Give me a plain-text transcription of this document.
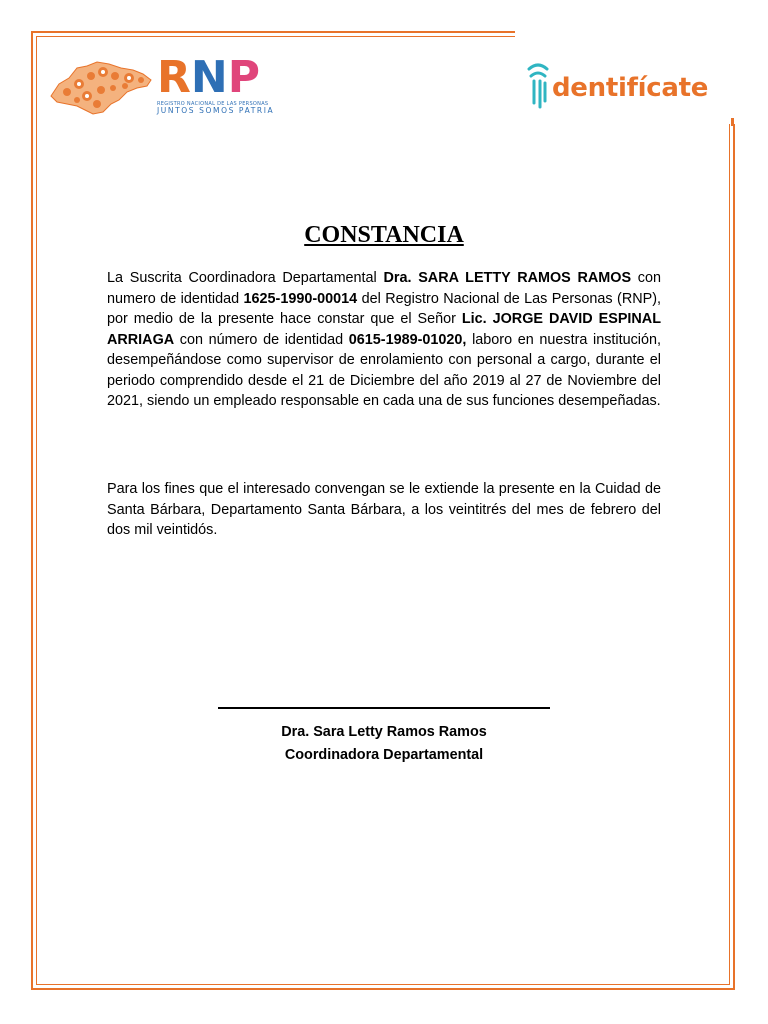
R N P
REGISTRO NACIONAL DE LAS PERSONAS
JUNTOS SOMOS PATRIA
dentifícate
CONSTANCIA
La Suscrita Coordinadora Departamental Dra. SARA LETTY RAMOS RAMOS con numero de identidad 1625-1990-00014 del Registro Nacional de Las Personas (RNP), por medio de la presente hace constar que el Señor Lic. JORGE DAVID ESPINAL ARRIAGA con número de identidad 0615-1989-01020, laboro en nuestra institución, desempeñándose como supervisor de enrolamiento con personal a cargo, durante el periodo comprendido desde el 21 de Diciembre del año 2019 al 27 de Noviembre del 2021, siendo un empleado responsable en cada una de sus funciones desempeñadas.
Para los fines que el interesado convengan se le extiende la presente en la Cuidad de Santa Bárbara, Departamento Santa Bárbara, a los veintitrés del mes de febrero del dos mil veintidós.
Dra. Sara Letty Ramos Ramos
Coordinadora Departamental
